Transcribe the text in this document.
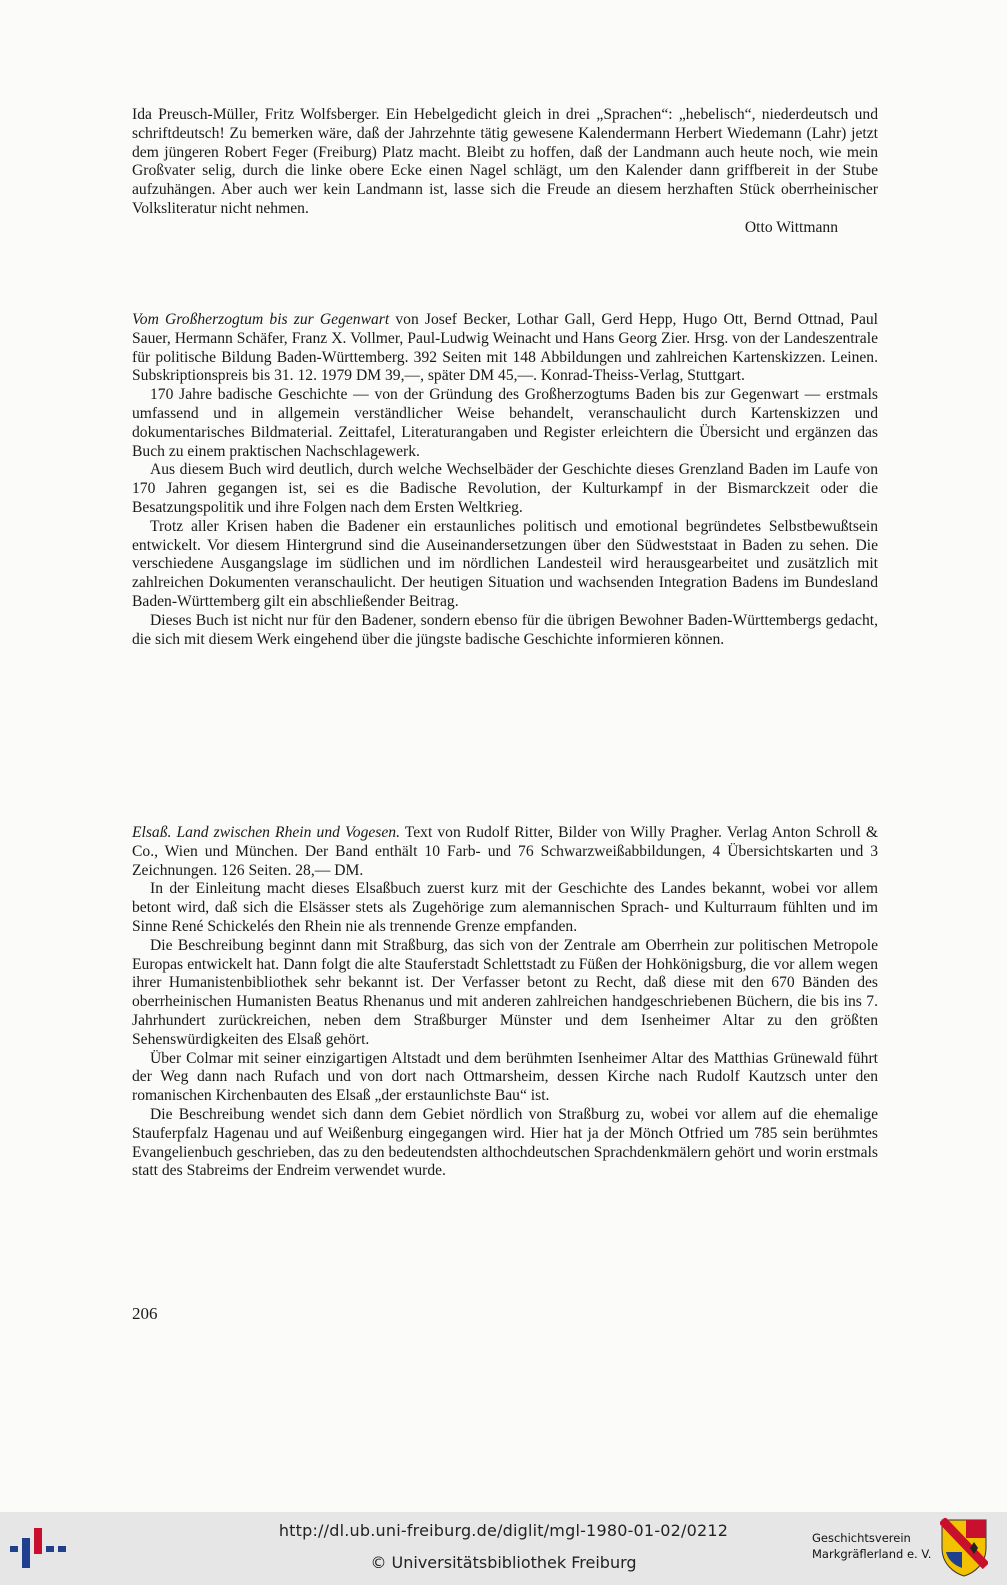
Ida Preusch-Müller, Fritz Wolfsberger. Ein Hebelgedicht gleich in drei „Sprachen“: „hebelisch“, niederdeutsch und schriftdeutsch! Zu bemerken wäre, daß der Jahrzehnte tätig gewesene Kalendermann Herbert Wiedemann (Lahr) jetzt dem jüngeren Robert Feger (Freiburg) Platz macht. Bleibt zu hoffen, daß der Landmann auch heute noch, wie mein Großvater selig, durch die linke obere Ecke einen Nagel schlägt, um den Kalender dann griffbereit in der Stube aufzuhängen. Aber auch wer kein Landmann ist, lasse sich die Freude an diesem herzhaften Stück oberrheinischer Volksliteratur nicht nehmen.

Otto Wittmann

Vom Großherzogtum bis zur Gegenwart von Josef Becker, Lothar Gall, Gerd Hepp, Hugo Ott, Bernd Ottnad, Paul Sauer, Hermann Schäfer, Franz X. Vollmer, Paul-Ludwig Weinacht und Hans Georg Zier. Hrsg. von der Landeszentrale für politische Bildung Baden-Württemberg. 392 Seiten mit 148 Abbildungen und zahlreichen Kartenskizzen. Leinen. Subskriptionspreis bis 31. 12. 1979 DM 39,—, später DM 45,—. Konrad-Theiss-Verlag, Stuttgart.

170 Jahre badische Geschichte — von der Gründung des Großherzogtums Baden bis zur Gegenwart — erstmals umfassend und in allgemein verständlicher Weise behandelt, veranschaulicht durch Kartenskizzen und dokumentarisches Bildmaterial. Zeittafel, Literaturangaben und Register erleichtern die Übersicht und ergänzen das Buch zu einem praktischen Nachschlagewerk.

Aus diesem Buch wird deutlich, durch welche Wechselbäder der Geschichte dieses Grenzland Baden im Laufe von 170 Jahren gegangen ist, sei es die Badische Revolution, der Kulturkampf in der Bismarckzeit oder die Besatzungspolitik und ihre Folgen nach dem Ersten Weltkrieg.

Trotz aller Krisen haben die Badener ein erstaunliches politisch und emotional begründetes Selbstbewußtsein entwickelt. Vor diesem Hintergrund sind die Auseinandersetzungen über den Südweststaat in Baden zu sehen. Die verschiedene Ausgangslage im südlichen und im nördlichen Landesteil wird herausgearbeitet und zusätzlich mit zahlreichen Dokumenten veranschaulicht. Der heutigen Situation und wachsenden Integration Badens im Bundesland Baden-Württemberg gilt ein abschließender Beitrag.

Dieses Buch ist nicht nur für den Badener, sondern ebenso für die übrigen Bewohner Baden-Württembergs gedacht, die sich mit diesem Werk eingehend über die jüngste badische Geschichte informieren können.

Elsaß. Land zwischen Rhein und Vogesen. Text von Rudolf Ritter, Bilder von Willy Pragher. Verlag Anton Schroll & Co., Wien und München. Der Band enthält 10 Farb- und 76 Schwarzweißabbildungen, 4 Übersichtskarten und 3 Zeichnungen. 126 Seiten. 28,— DM.

In der Einleitung macht dieses Elsaßbuch zuerst kurz mit der Geschichte des Landes bekannt, wobei vor allem betont wird, daß sich die Elsässer stets als Zugehörige zum alemannischen Sprach- und Kulturraum fühlten und im Sinne René Schickelés den Rhein nie als trennende Grenze empfanden.

Die Beschreibung beginnt dann mit Straßburg, das sich von der Zentrale am Oberrhein zur politischen Metropole Europas entwickelt hat. Dann folgt die alte Stauferstadt Schlettstadt zu Füßen der Hohkönigsburg, die vor allem wegen ihrer Humanistenbibliothek sehr bekannt ist. Der Verfasser betont zu Recht, daß diese mit den 670 Bänden des oberrheinischen Humanisten Beatus Rhenanus und mit anderen zahlreichen handgeschriebenen Büchern, die bis ins 7. Jahrhundert zurückreichen, neben dem Straßburger Münster und dem Isenheimer Altar zu den größten Sehenswürdigkeiten des Elsaß gehört.

Über Colmar mit seiner einzigartigen Altstadt und dem berühmten Isenheimer Altar des Matthias Grünewald führt der Weg dann nach Rufach und von dort nach Ottmarsheim, dessen Kirche nach Rudolf Kautzsch unter den romanischen Kirchenbauten des Elsaß „der erstaunlichste Bau“ ist.

Die Beschreibung wendet sich dann dem Gebiet nördlich von Straßburg zu, wobei vor allem auf die ehemalige Stauferpfalz Hagenau und auf Weißenburg eingegangen wird. Hier hat ja der Mönch Otfried um 785 sein berühmtes Evangelienbuch geschrieben, das zu den bedeutendsten althochdeutschen Sprachdenkmälern gehört und worin erstmals statt des Stabreims der Endreim verwendet wurde.

206
http://dl.ub.uni-freiburg.de/diglit/mgl-1980-01-02/0212
© Universitätsbibliothek Freiburg
Geschichtsverein
Markgräflerland e. V.
